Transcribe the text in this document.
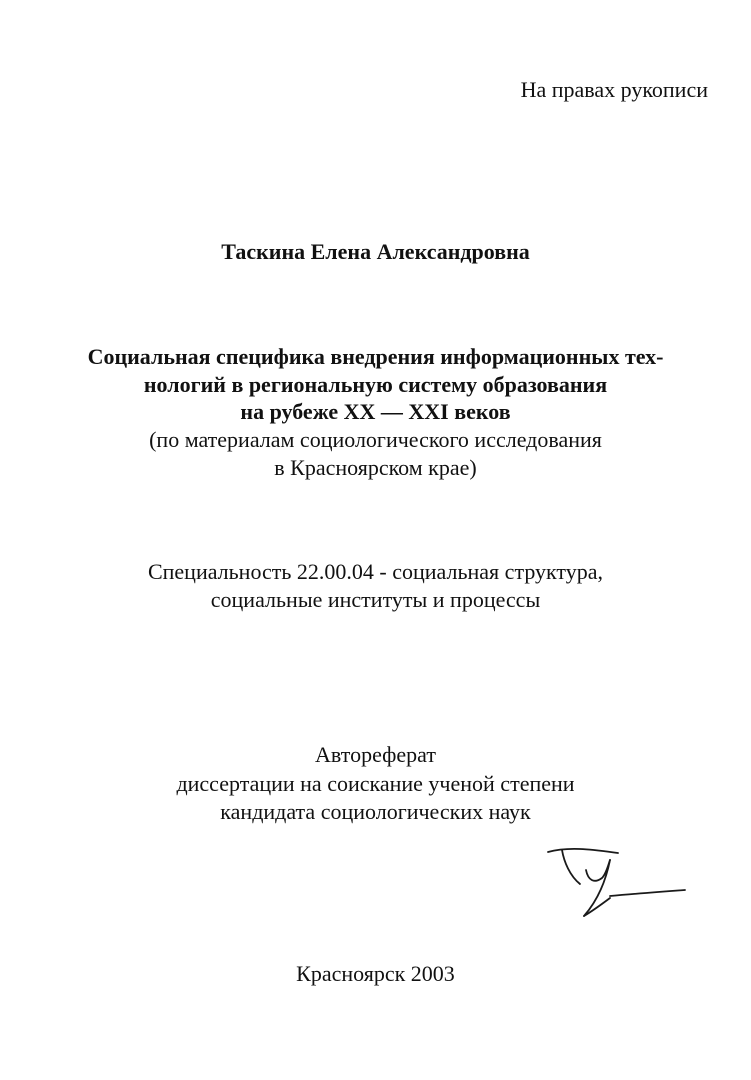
На правах рукописи
Таскина Елена Александровна
Социальная специфика внедрения информационных тех-
нологий в региональную систему образования
на рубеже XX — XXI веков
(по материалам социологического исследования
в Красноярском крае)
Специальность 22.00.04 - социальная структура,
социальные институты и процессы
Автореферат
диссертации на соискание ученой степени
кандидата социологических наук
Красноярск 2003
